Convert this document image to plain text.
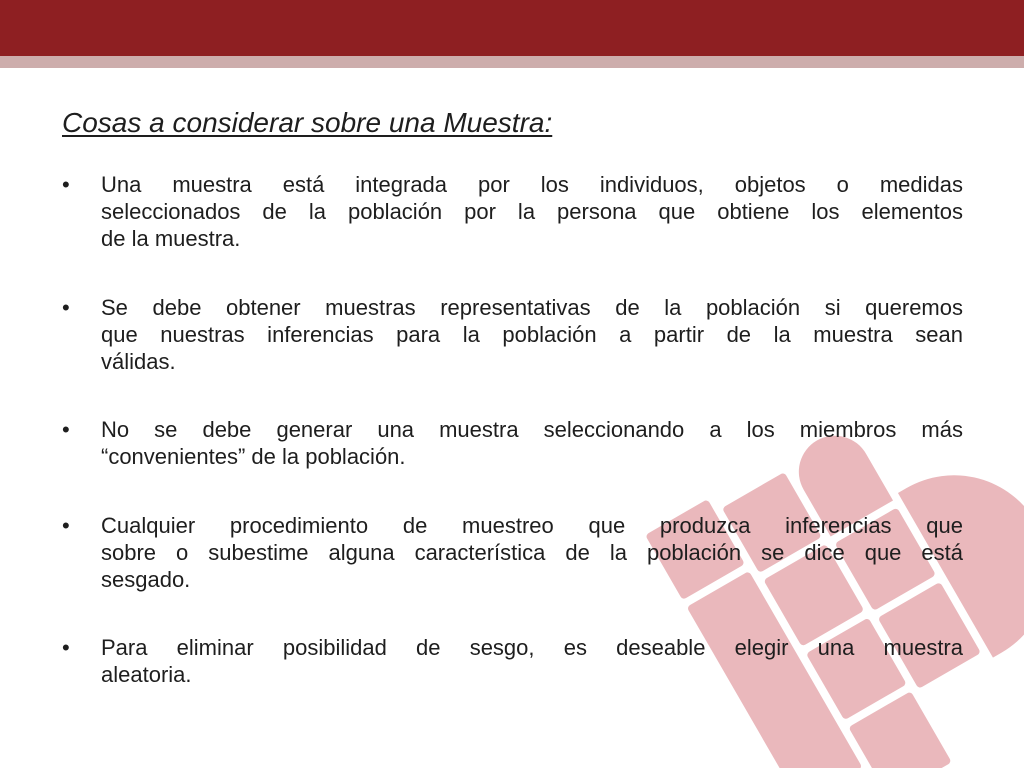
Cosas a considerar sobre una Muestra:
•	Una muestra está integrada por los individuos, objetos o medidas
seleccionados de la población por la persona que obtiene los elementos
de la muestra.
•	Se debe obtener muestras representativas de la población si queremos
que nuestras inferencias para la población a partir de la muestra sean
válidas.
•	No se debe generar una muestra seleccionando a los miembros más
“convenientes” de la población.
•	Cualquier procedimiento de muestreo que produzca inferencias que
sobre o subestime alguna característica de la población se dice que está
sesgado.
•	Para eliminar posibilidad de sesgo, es deseable elegir una muestra
aleatoria.
